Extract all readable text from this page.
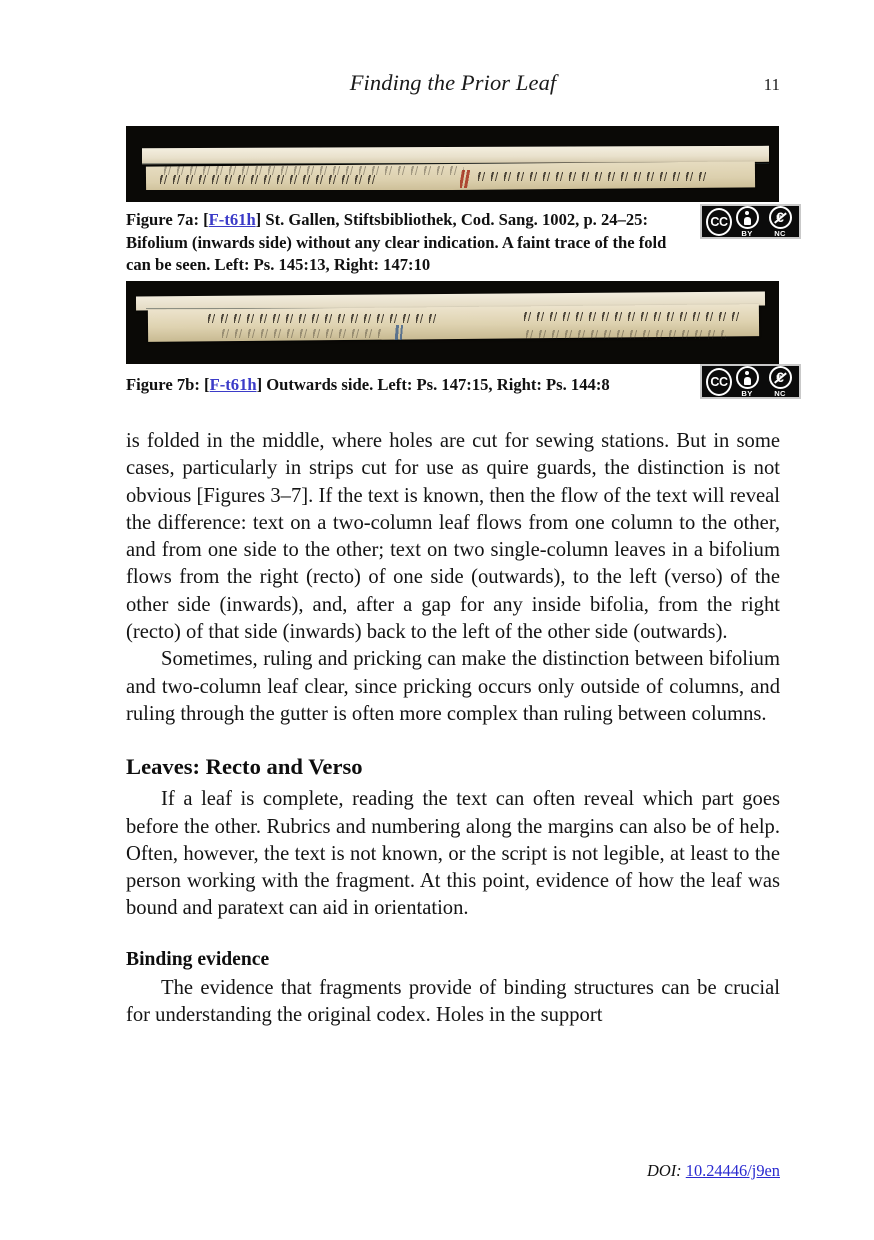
Finding the Prior Leaf	11
CC
BY
€	NC
Figure 7a: [F-t61h] St. Gallen, Stiftsbibliothek, Cod. Sang. 1002, p. 24–25: Bifolium (inwards side) without any clear indication. A faint trace of the fold can be seen. Left: Ps. 145:13, Right: 147:10
CC
BY
€	NC
Figure 7b: [F-t61h] Outwards side. Left: Ps. 147:15, Right: Ps. 144:8

is folded in the middle, where holes are cut for sewing stations. But in some cases, particularly in strips cut for use as quire guards, the distinction is not obvious [Figures 3–7]. If the text is known, then the flow of the text will reveal the difference: text on a two-column leaf flows from one column to the other, and from one side to the other; text on two single-column leaves in a bifolium flows from the right (recto) of one side (outwards), to the left (verso) of the other side (inwards), and, after a gap for any inside bifolia, from the right (recto) of that side (inwards) back to the left of the other side (outwards).

Sometimes, ruling and pricking can make the distinction between bifolium and two-column leaf clear, since pricking occurs only outside of columns, and ruling through the gutter is often more complex than ruling between columns.

Leaves: Recto and Verso

If a leaf is complete, reading the text can often reveal which part goes before the other. Rubrics and numbering along the margins can also be of help. Often, however, the text is not known, or the script is not legible, at least to the person working with the fragment. At this point, evidence of how the leaf was bound and paratext can aid in orientation.

Binding evidence

The evidence that fragments provide of binding structures can be crucial for understanding the original codex. Holes in the support

DOI: 10.24446/j9en
